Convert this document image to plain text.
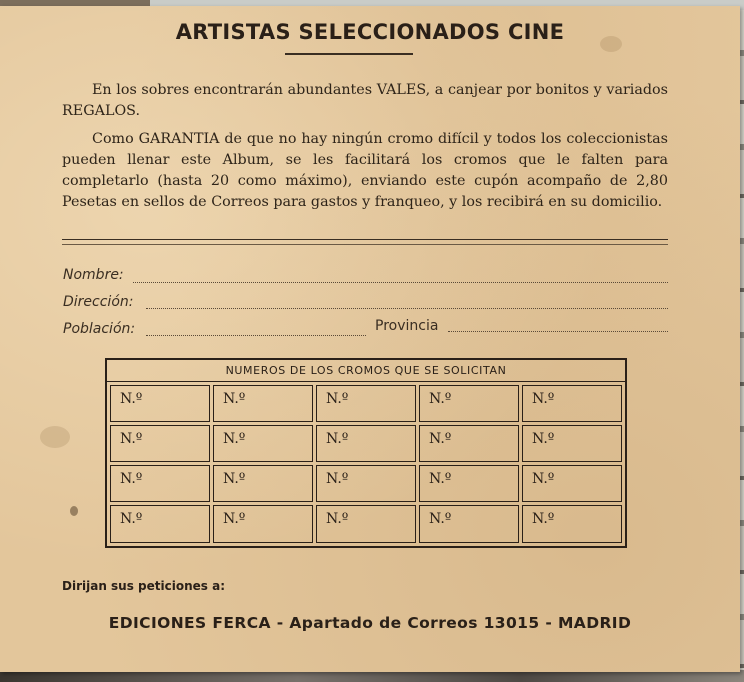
ARTISTAS SELECCIONADOS CINE
En los sobres encontrarán abundantes VALES, a canjear por bonitos y variados REGALOS.
Como GARANTIA de que no hay ningún cromo difícil y todos los coleccionistas pueden llenar este Album, se les facilitará los cromos que le falten para completarlo (hasta 20 como máximo), enviando este cupón acompaño de 2,80 Pesetas en sellos de Correos para gastos y franqueo, y los recibirá en su domicilio.
Nombre:
Dirección:
Población:	Provincia
NUMEROS DE LOS CROMOS QUE SE SOLICITAN
N.º	N.º	N.º	N.º	N.º
N.º	N.º	N.º	N.º	N.º
N.º	N.º	N.º	N.º	N.º
N.º	N.º	N.º	N.º	N.º
Dirijan sus peticiones a:
EDICIONES FERCA - Apartado de Correos 13015 - MADRID
